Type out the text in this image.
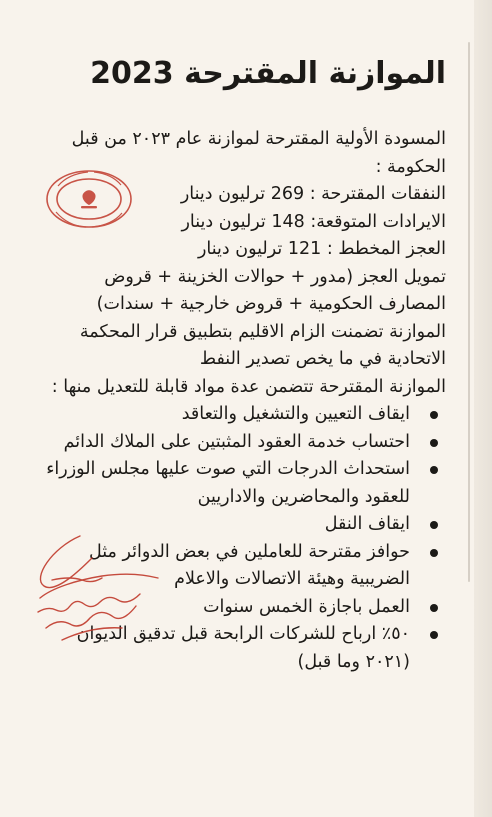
الموازنة المقترحة 2023

المسودة الأولية المقترحة لموازنة عام ٢٠٢٣ من قبل الحكومة :

النفقات المقترحة : 269 ترليون دينار

الايرادات المتوقعة: 148 ترليون دينار

العجز المخطط : 121 ترليون دينار

تمويل العجز (مدور + حوالات الخزينة + قروض المصارف الحكومية + قروض خارجية + سندات)

الموازنة تضمنت الزام الاقليم بتطبيق قرار المحكمة الاتحادية في ما يخص تصدير النفط

الموازنة المقترحة تتضمن عدة مواد قابلة للتعديل منها :

ايقاف التعيين والتشغيل والتعاقد
احتساب خدمة العقود المثبتين على الملاك الدائم
استحداث الدرجات التي صوت عليها مجلس الوزراء للعقود والمحاضرين والاداريين
ايقاف النقل
حوافز مقترحة للعاملين في بعض الدوائر مثل الضريبية وهيئة الاتصالات والاعلام
العمل باجازة الخمس سنوات
٥٠٪ ارباح للشركات الرابحة قبل تدقيق الديوان (٢٠٢١ وما قبل)
